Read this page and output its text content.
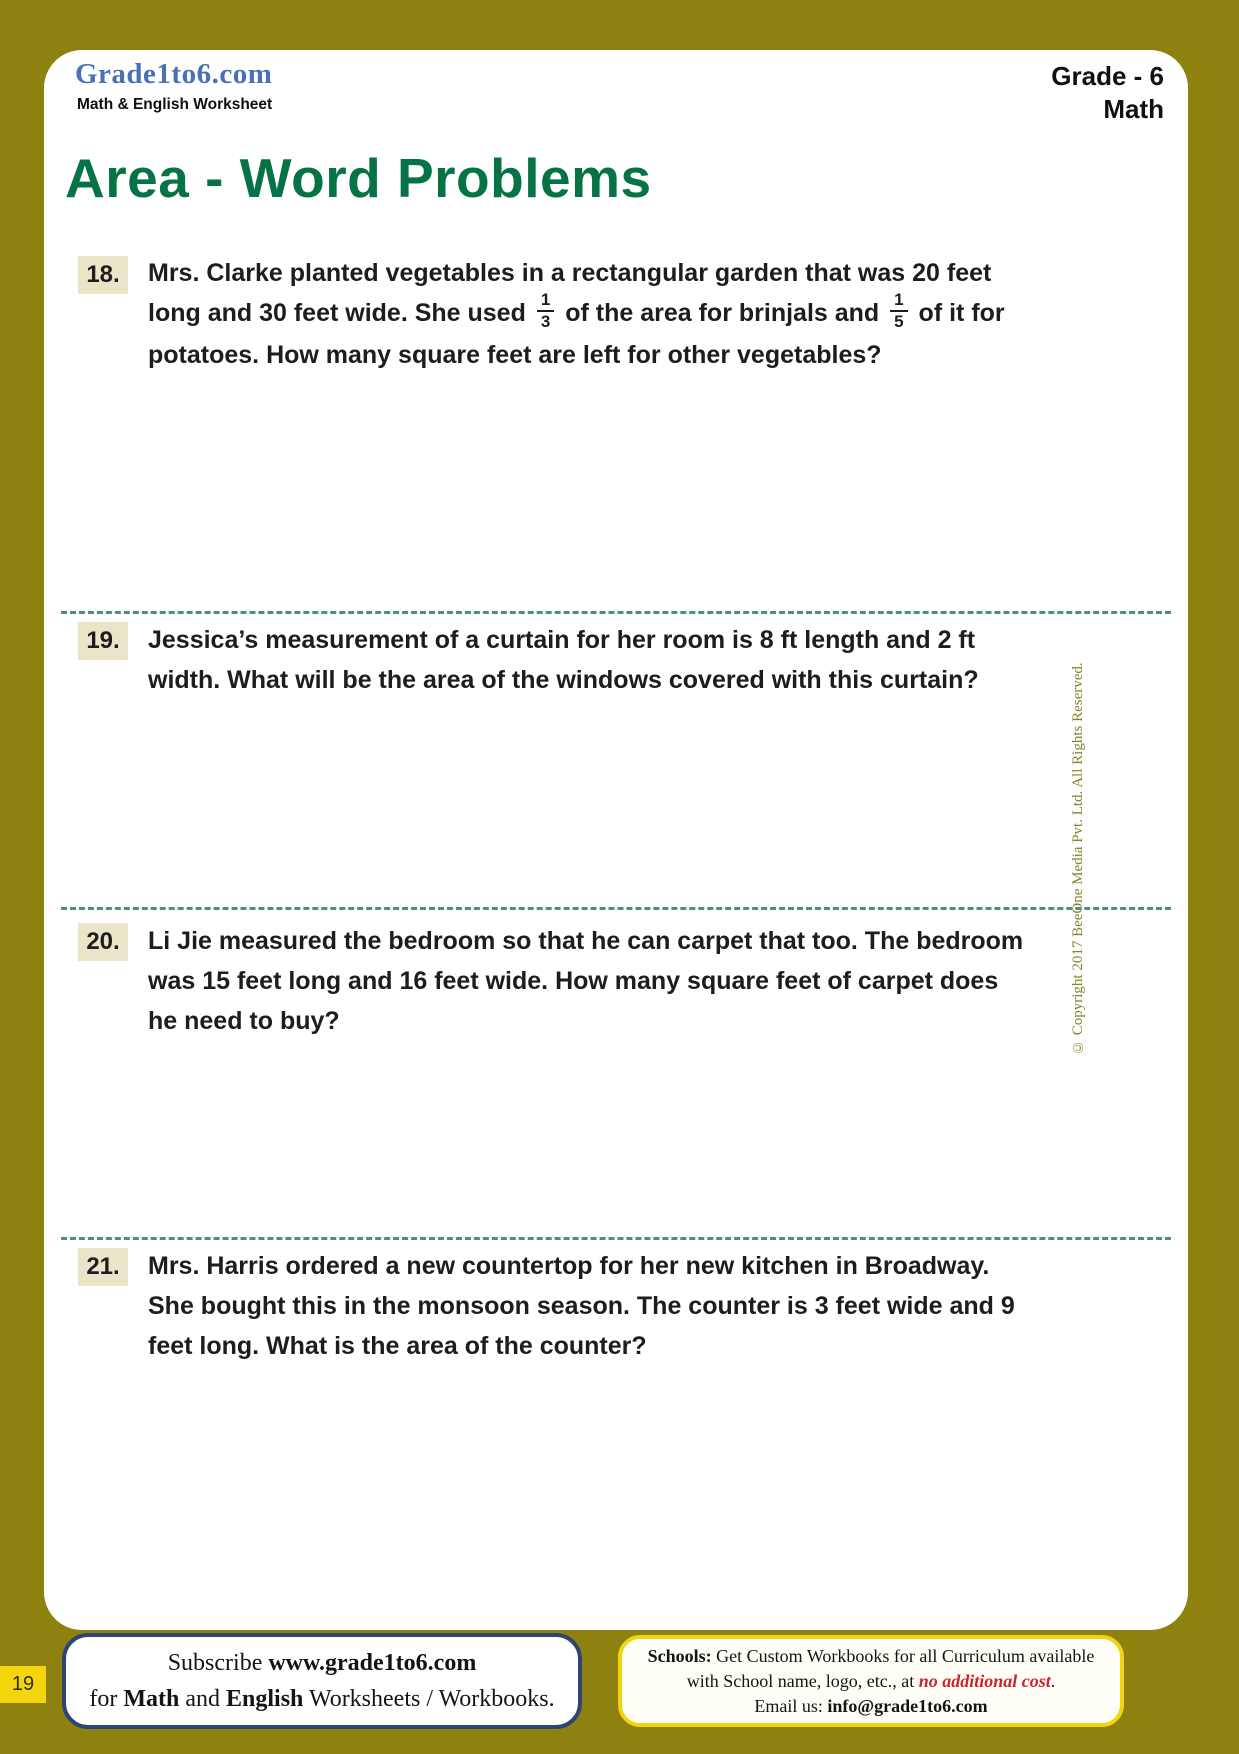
Grade1to6.com
Math & English Worksheet
Grade - 6
Math
Area - Word Problems
18.	Mrs. Clarke planted vegetables in a rectangular garden that was 20 feet long and 30 feet wide. She used $\frac{1}{3}$ of the area for brinjals and $\frac{1}{5}$ of it for potatoes. How many square feet are left for other vegetables?
19.	Jessica’s measurement of a curtain for her room is 8 ft length and 2 ft width. What will be the area of the windows covered with this curtain?
20.	Li Jie measured the bedroom so that he can carpet that too. The bedroom was 15 feet long and 16 feet wide. How many square feet of carpet does he need to buy?
21.	Mrs. Harris ordered a new countertop for her new kitchen in Broadway. She bought this in the monsoon season. The counter is 3 feet wide and 9 feet long. What is the area of the counter?
© Copyright 2017 BeeOne Media Pvt. Ltd. All Rights Reserved.
19
Subscribe www.grade1to6.com
for Math and English Worksheets / Workbooks.
Schools: Get Custom Workbooks for all Curriculum available
with School name, logo, etc., at no additional cost.
Email us: info@grade1to6.com
